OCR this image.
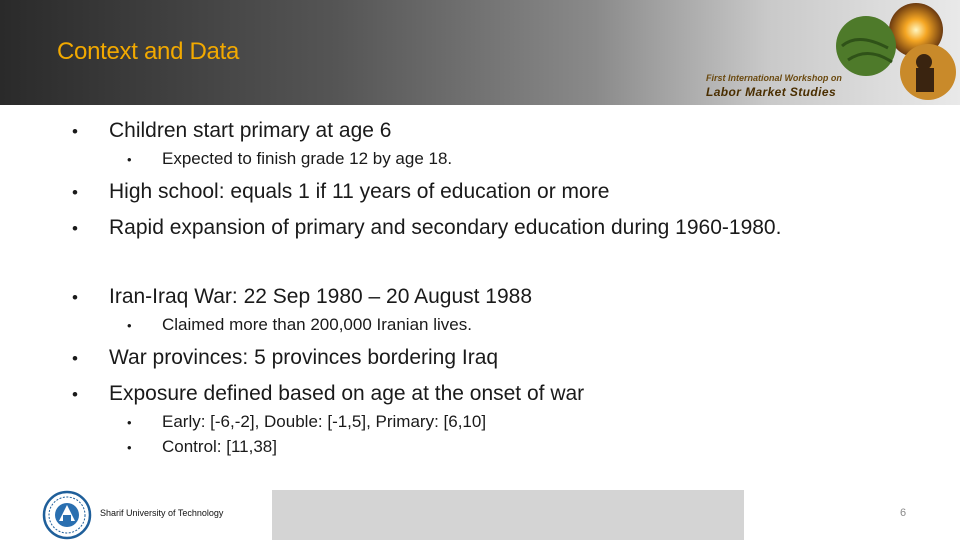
Context and Data
First International Workshop on
Labor Market Studies
•	Children start primary at age 6
•	Expected to finish grade 12 by age 18.
•	High school: equals 1 if 11 years of education or more
•	Rapid expansion of primary and secondary education during 1960-1980.
•	Iran-Iraq War: 22 Sep 1980 – 20 August 1988
•	Claimed more than 200,000 Iranian lives.
•	War provinces: 5 provinces bordering Iraq
•	Exposure defined based on age at the onset of war
•	Early: [-6,-2], Double: [-1,5], Primary: [6,10]
•	Control: [11,38]
Sharif University of Technology	6
